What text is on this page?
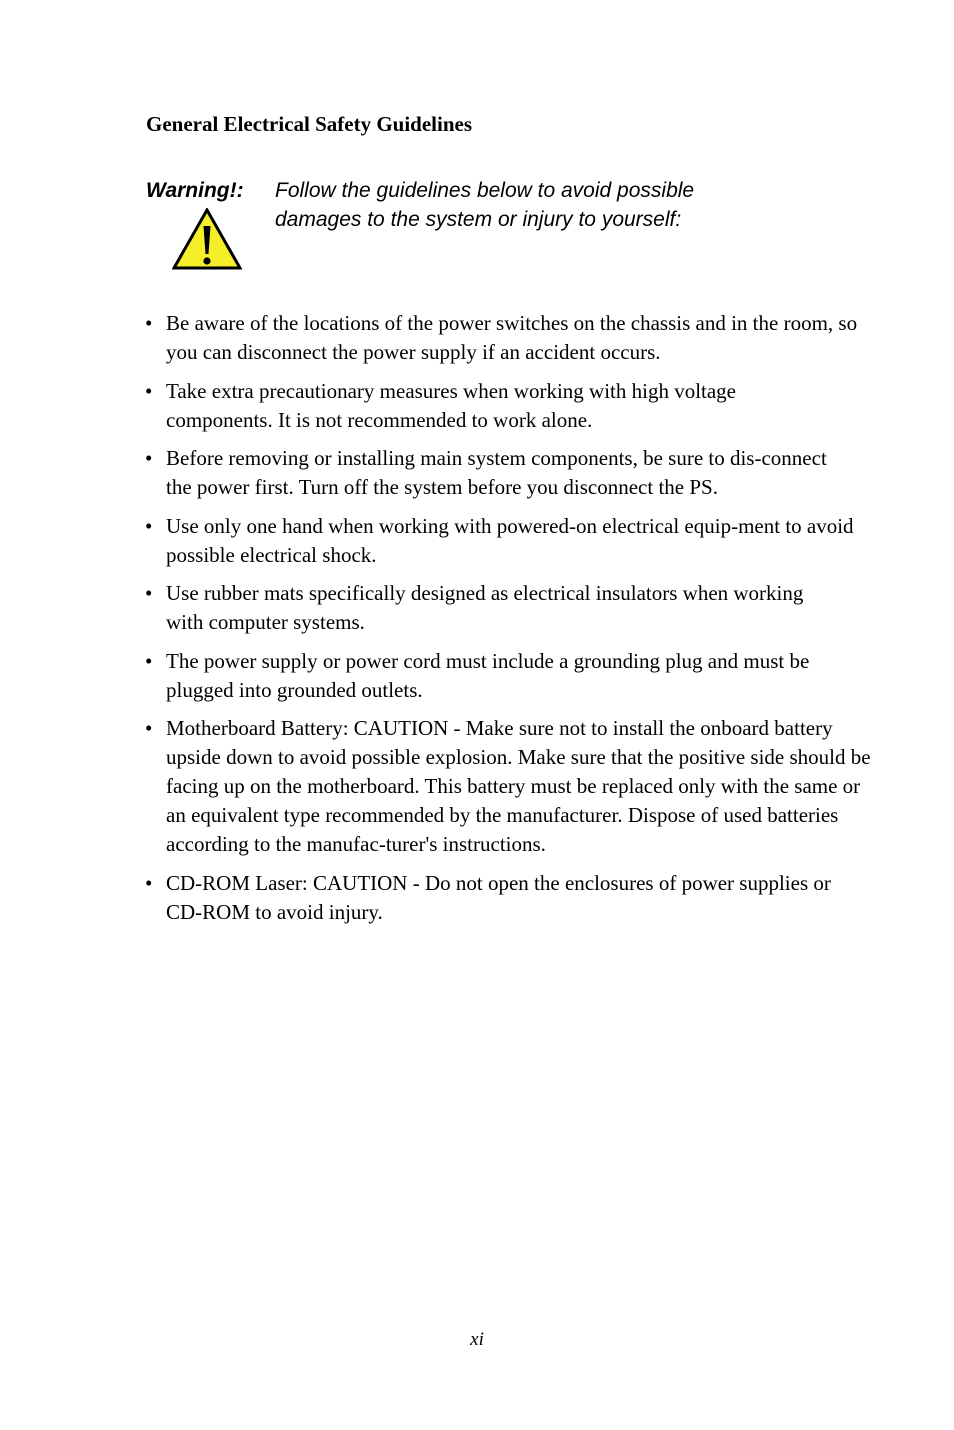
General Electrical Safety Guidelines
Warning!: Follow the guidelines below to avoid possible
damages to the system or injury to yourself:
• Be aware of the locations of the power switches on the chassis and in the room, so you can disconnect the power supply if an accident occurs.
• Take extra precautionary measures when working with high voltage components. It is not recommended to work alone.
• Before removing or installing main system components, be sure to dis-connect the power first. Turn off the system before you disconnect the PS.
• Use only one hand when working with powered-on electrical equip-ment to avoid possible electrical shock.
• Use rubber mats specifically designed as electrical insulators when working with computer systems.
• The power supply or power cord must include a grounding plug and must be plugged into grounded outlets.
• Motherboard Battery: CAUTION - Make sure not to install the onboard battery upside down to avoid possible explosion. Make sure that the positive side should be facing up on the motherboard. This battery must be replaced only with the same or an equivalent type recommended by the manufacturer. Dispose of used batteries according to the manufac-turer's instructions.
• CD-ROM Laser: CAUTION - Do not open the enclosures of power supplies or CD-ROM to avoid injury.
xi
